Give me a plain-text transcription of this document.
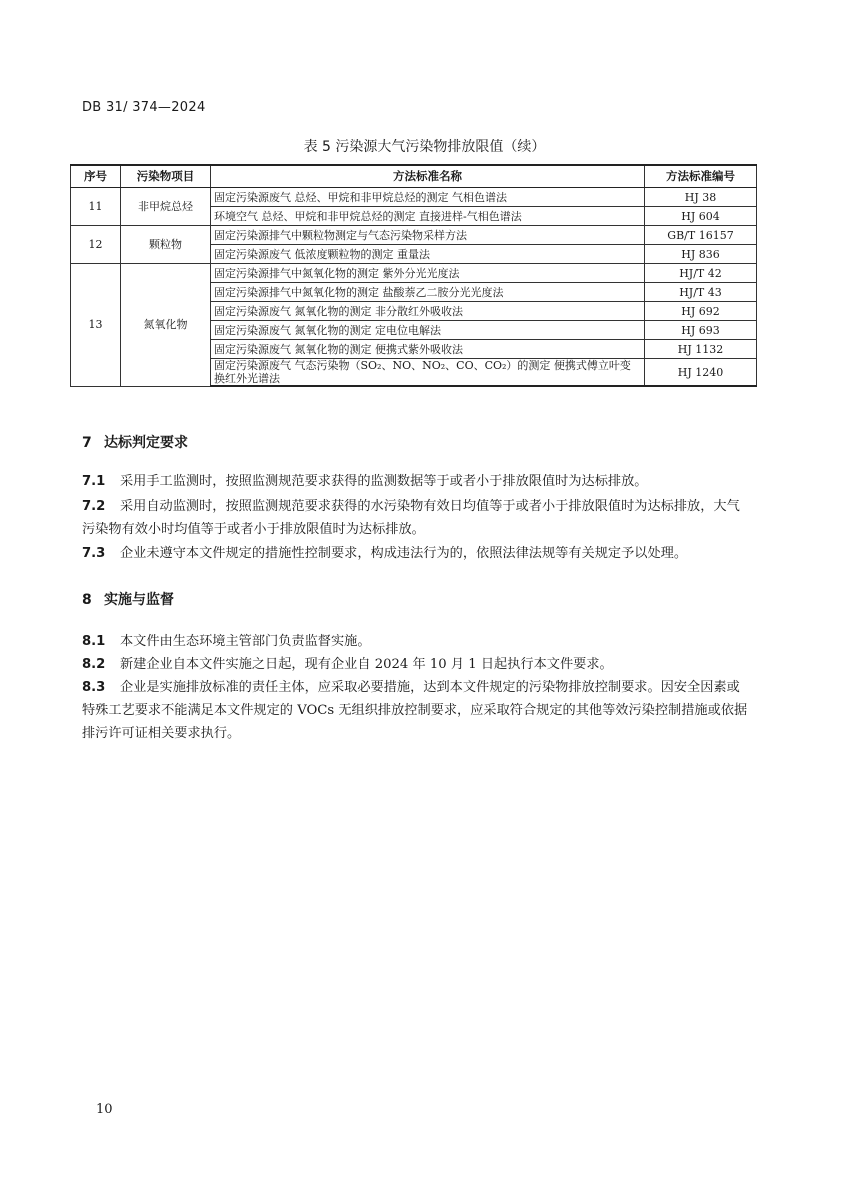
DB 31/ 374—2024
表 5 污染源大气污染物排放限值（续）
序号	污染物项目	方法标准名称	方法标准编号
11	非甲烷总烃	固定污染源废气 总烃、甲烷和非甲烷总烃的测定 气相色谱法	HJ 38
		环境空气 总烃、甲烷和非甲烷总烃的测定 直接进样-气相色谱法	HJ 604
12	颗粒物	固定污染源排气中颗粒物测定与气态污染物采样方法	GB/T 16157
		固定污染源废气 低浓度颗粒物的测定 重量法	HJ 836
13	氮氧化物	固定污染源排气中氮氧化物的测定 紫外分光光度法	HJ/T 42
		固定污染源排气中氮氧化物的测定 盐酸萘乙二胺分光光度法	HJ/T 43
		固定污染源废气 氮氧化物的测定 非分散红外吸收法	HJ 692
		固定污染源废气 氮氧化物的测定 定电位电解法	HJ 693
		固定污染源废气 氮氧化物的测定 便携式紫外吸收法	HJ 1132
		固定污染源废气 气态污染物（SO₂、NO、NO₂、CO、CO₂）的测定 便携式傅立叶变换红外光谱法	HJ 1240
7 达标判定要求
7.1 采用手工监测时，按照监测规范要求获得的监测数据等于或者小于排放限值时为达标排放。
7.2 采用自动监测时，按照监测规范要求获得的水污染物有效日均值等于或者小于排放限值时为达标排放，大气污染物有效小时均值等于或者小于排放限值时为达标排放。
7.3 企业未遵守本文件规定的措施性控制要求，构成违法行为的，依照法律法规等有关规定予以处理。
8 实施与监督
8.1 本文件由生态环境主管部门负责监督实施。
8.2 新建企业自本文件实施之日起，现有企业自 2024 年 10 月 1 日起执行本文件要求。
8.3 企业是实施排放标准的责任主体，应采取必要措施，达到本文件规定的污染物排放控制要求。因安全因素或特殊工艺要求不能满足本文件规定的 VOCs 无组织排放控制要求，应采取符合规定的其他等效污染控制措施或依据排污许可证相关要求执行。
10
